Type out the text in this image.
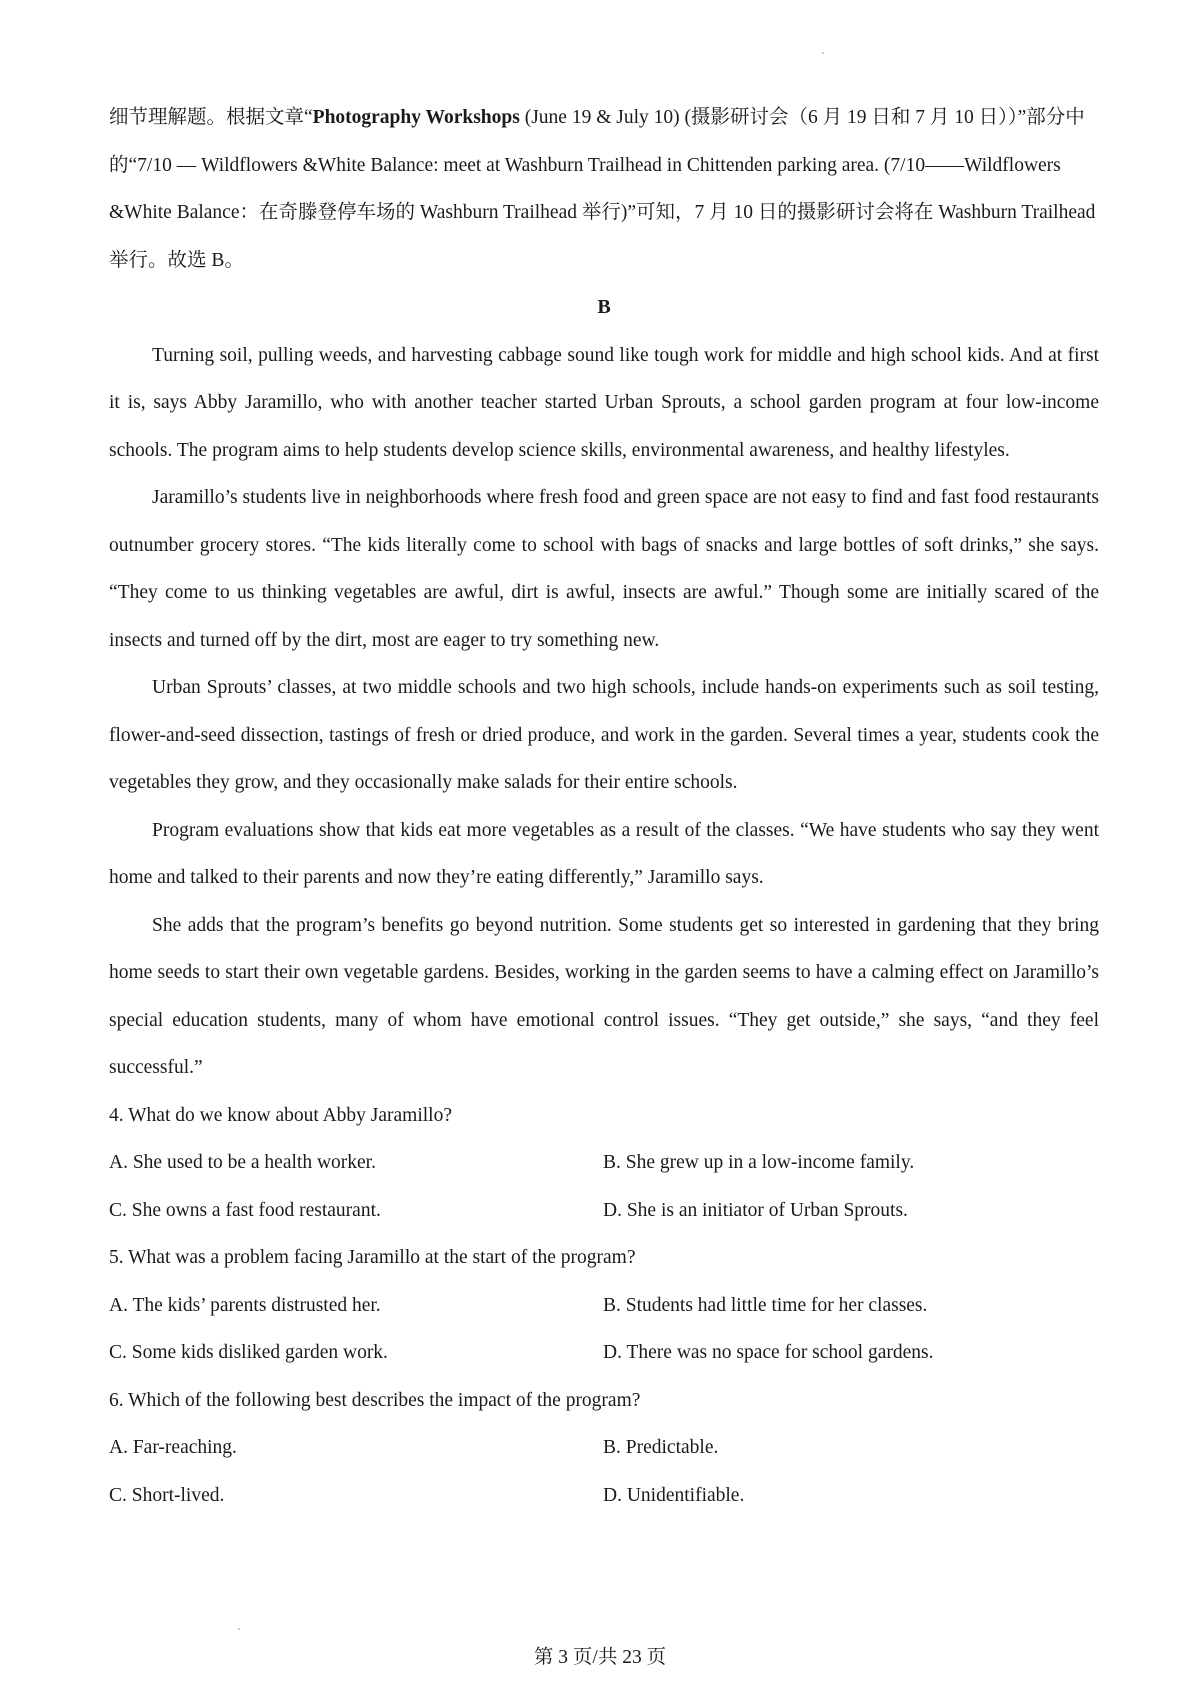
细节理解题。根据文章“Photography Workshops (June 19 & July 10) (摄影研讨会（6 月 19 日和 7 月 10 日））”部分中的“7/10 — Wildflowers &White Balance: meet at Washburn Trailhead in Chittenden parking area. (7/10——Wildflowers &White Balance：在奇滕登停车场的 Washburn Trailhead 举行)”可知，7 月 10 日的摄影研讨会将在 Washburn Trailhead 举行。故选 B。

B

Turning soil, pulling weeds, and harvesting cabbage sound like tough work for middle and high school kids. And at first it is, says Abby Jaramillo, who with another teacher started Urban Sprouts, a school garden program at four low-income schools. The program aims to help students develop science skills, environmental awareness, and healthy lifestyles.

Jaramillo’s students live in neighborhoods where fresh food and green space are not easy to find and fast food restaurants outnumber grocery stores. “The kids literally come to school with bags of snacks and large bottles of soft drinks,” she says. “They come to us thinking vegetables are awful, dirt is awful, insects are awful.” Though some are initially scared of the insects and turned off by the dirt, most are eager to try something new.

Urban Sprouts’ classes, at two middle schools and two high schools, include hands-on experiments such as soil testing, flower-and-seed dissection, tastings of fresh or dried produce, and work in the garden. Several times a year, students cook the vegetables they grow, and they occasionally make salads for their entire schools.

Program evaluations show that kids eat more vegetables as a result of the classes. “We have students who say they went home and talked to their parents and now they’re eating differently,” Jaramillo says.

She adds that the program’s benefits go beyond nutrition. Some students get so interested in gardening that they bring home seeds to start their own vegetable gardens. Besides, working in the garden seems to have a calming effect on Jaramillo’s special education students, many of whom have emotional control issues. “They get outside,” she says, “and they feel successful.”

4. What do we know about Abby Jaramillo?

A. She used to be a health worker.	B. She grew up in a low-income family.
C. She owns a fast food restaurant.	D. She is an initiator of Urban Sprouts.

5. What was a problem facing Jaramillo at the start of the program?

A. The kids’ parents distrusted her.	B. Students had little time for her classes.
C. Some kids disliked garden work.	D. There was no space for school gardens.

6. Which of the following best describes the impact of the program?

A. Far-reaching.	B. Predictable.
C. Short-lived.	D. Unidentifiable.
第 3 页/共 23 页
